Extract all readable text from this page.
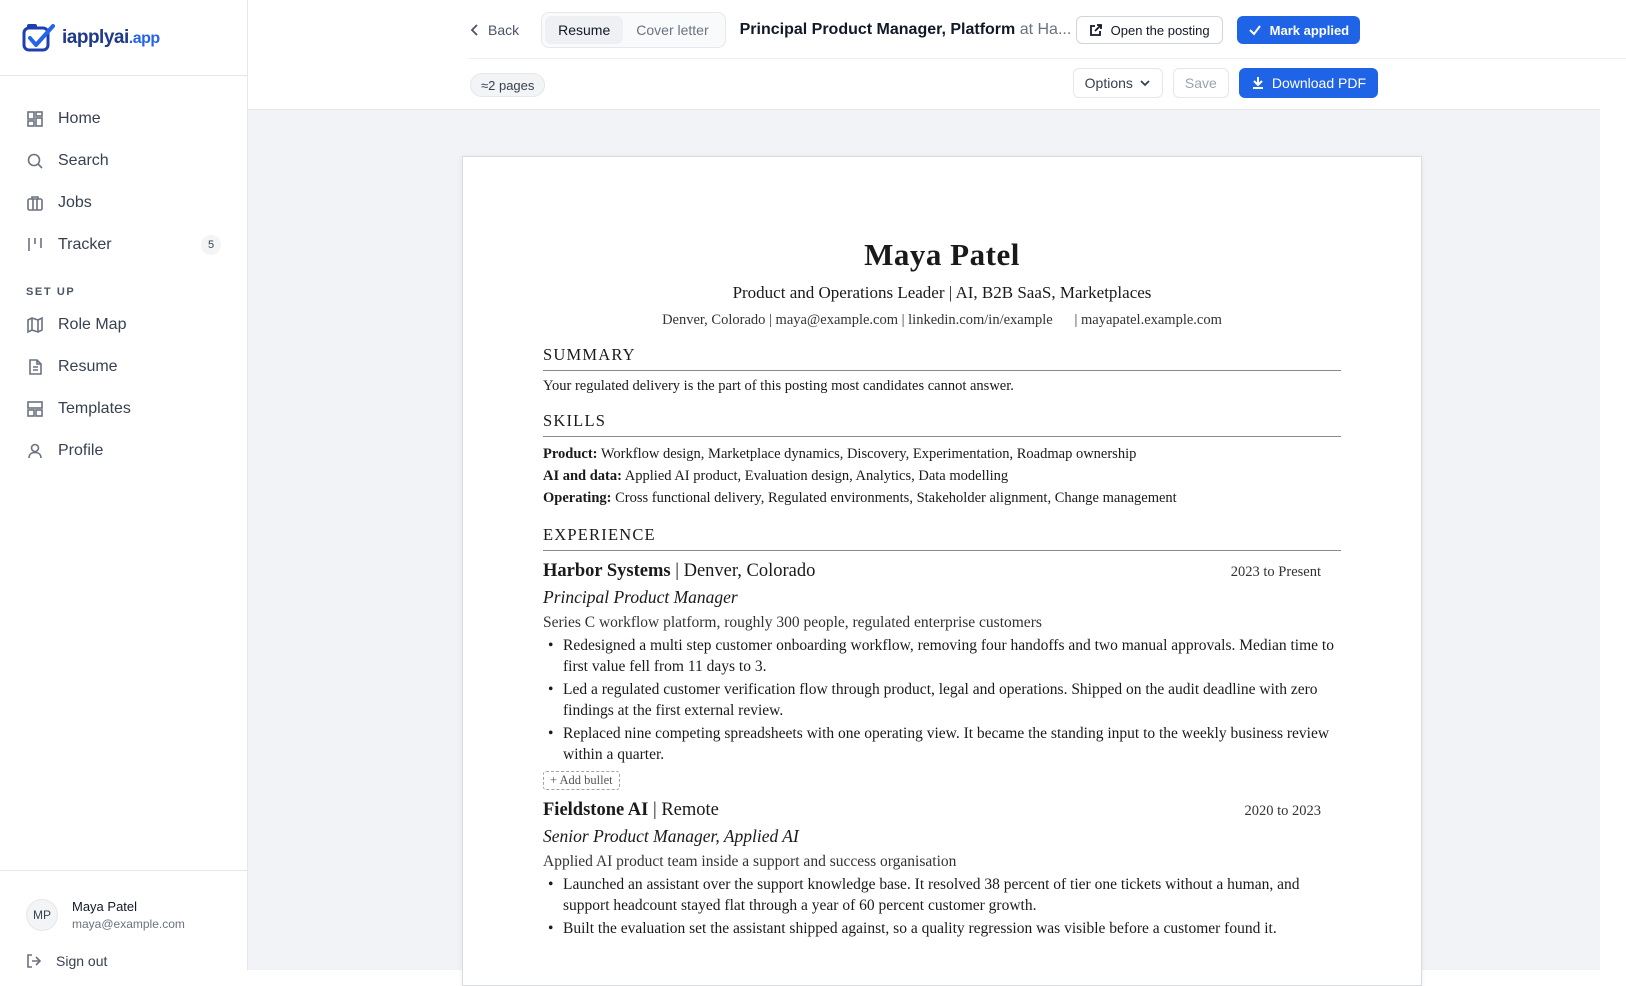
iapplyai.app
Home
Search
Jobs
Tracker	5
SET UP
Role Map
Resume
Templates
Profile
MP
Maya Patel
maya@example.com
Sign out
Back	Resume	Cover letter	Principal Product Manager, Platform at Ha...	Open the posting	Mark applied
≈2 pages	Options	Save	Download PDF
Maya Patel
Product and Operations Leader | AI, B2B SaaS, Marketplaces
Denver, Colorado | maya@example.com | linkedin.com/in/example      | mayapatel.example.com
SUMMARY
Your regulated delivery is the part of this posting most candidates cannot answer.
SKILLS
Product: Workflow design, Marketplace dynamics, Discovery, Experimentation, Roadmap ownership
AI and data: Applied AI product, Evaluation design, Analytics, Data modelling
Operating: Cross functional delivery, Regulated environments, Stakeholder alignment, Change management
EXPERIENCE
Harbor Systems | Denver, Colorado	2023 to Present
Principal Product Manager
Series C workflow platform, roughly 300 people, regulated enterprise customers
• Redesigned a multi step customer onboarding workflow, removing four handoffs and two manual approvals. Median time to first value fell from 11 days to 3.
• Led a regulated customer verification flow through product, legal and operations. Shipped on the audit deadline with zero findings at the first external review.
• Replaced nine competing spreadsheets with one operating view. It became the standing input to the weekly business review within a quarter.
+ Add bullet
Fieldstone AI | Remote	2020 to 2023
Senior Product Manager, Applied AI
Applied AI product team inside a support and success organisation
• Launched an assistant over the support knowledge base. It resolved 38 percent of tier one tickets without a human, and support headcount stayed flat through a year of 60 percent customer growth.
• Built the evaluation set the assistant shipped against, so a quality regression was visible before a customer found it.
